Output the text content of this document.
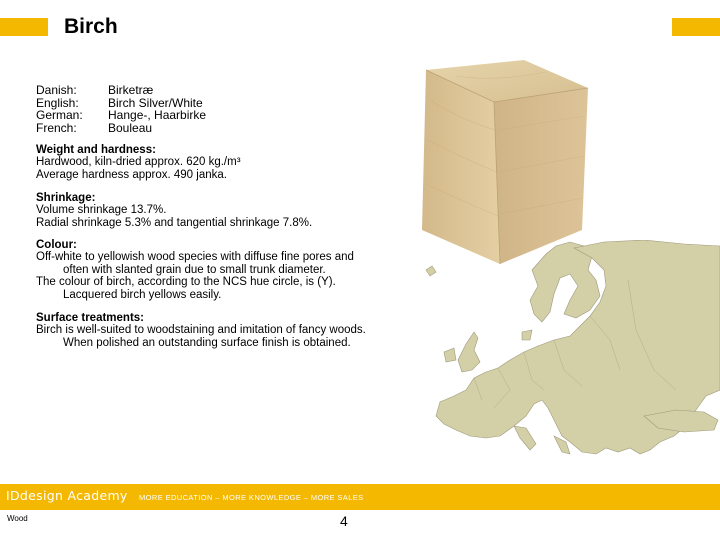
Birch
Danish:	Birketræ
English:	Birch Silver/White
German:	Hange-, Haarbirke
French:	Bouleau
Weight and hardness:
Hardwood, kiln-dried approx. 620 kg./m³
Average hardness approx. 490 janka.
Shrinkage:
Volume shrinkage 13.7%.
Radial shrinkage 5.3% and tangential shrinkage 7.8%.
Colour:
Off-white to yellowish wood species with diffuse fine pores and
often with slanted grain due to small trunk diameter.
The colour of birch, according to the NCS hue circle, is (Y).
Lacquered birch yellows easily.
Surface treatments:
Birch is well-suited to woodstaining and imitation of fancy woods.
When polished an outstanding surface finish is obtained.
IDdesign Academy MORE EDUCATION – MORE KNOWLEDGE – MORE SALES
Wood	4
